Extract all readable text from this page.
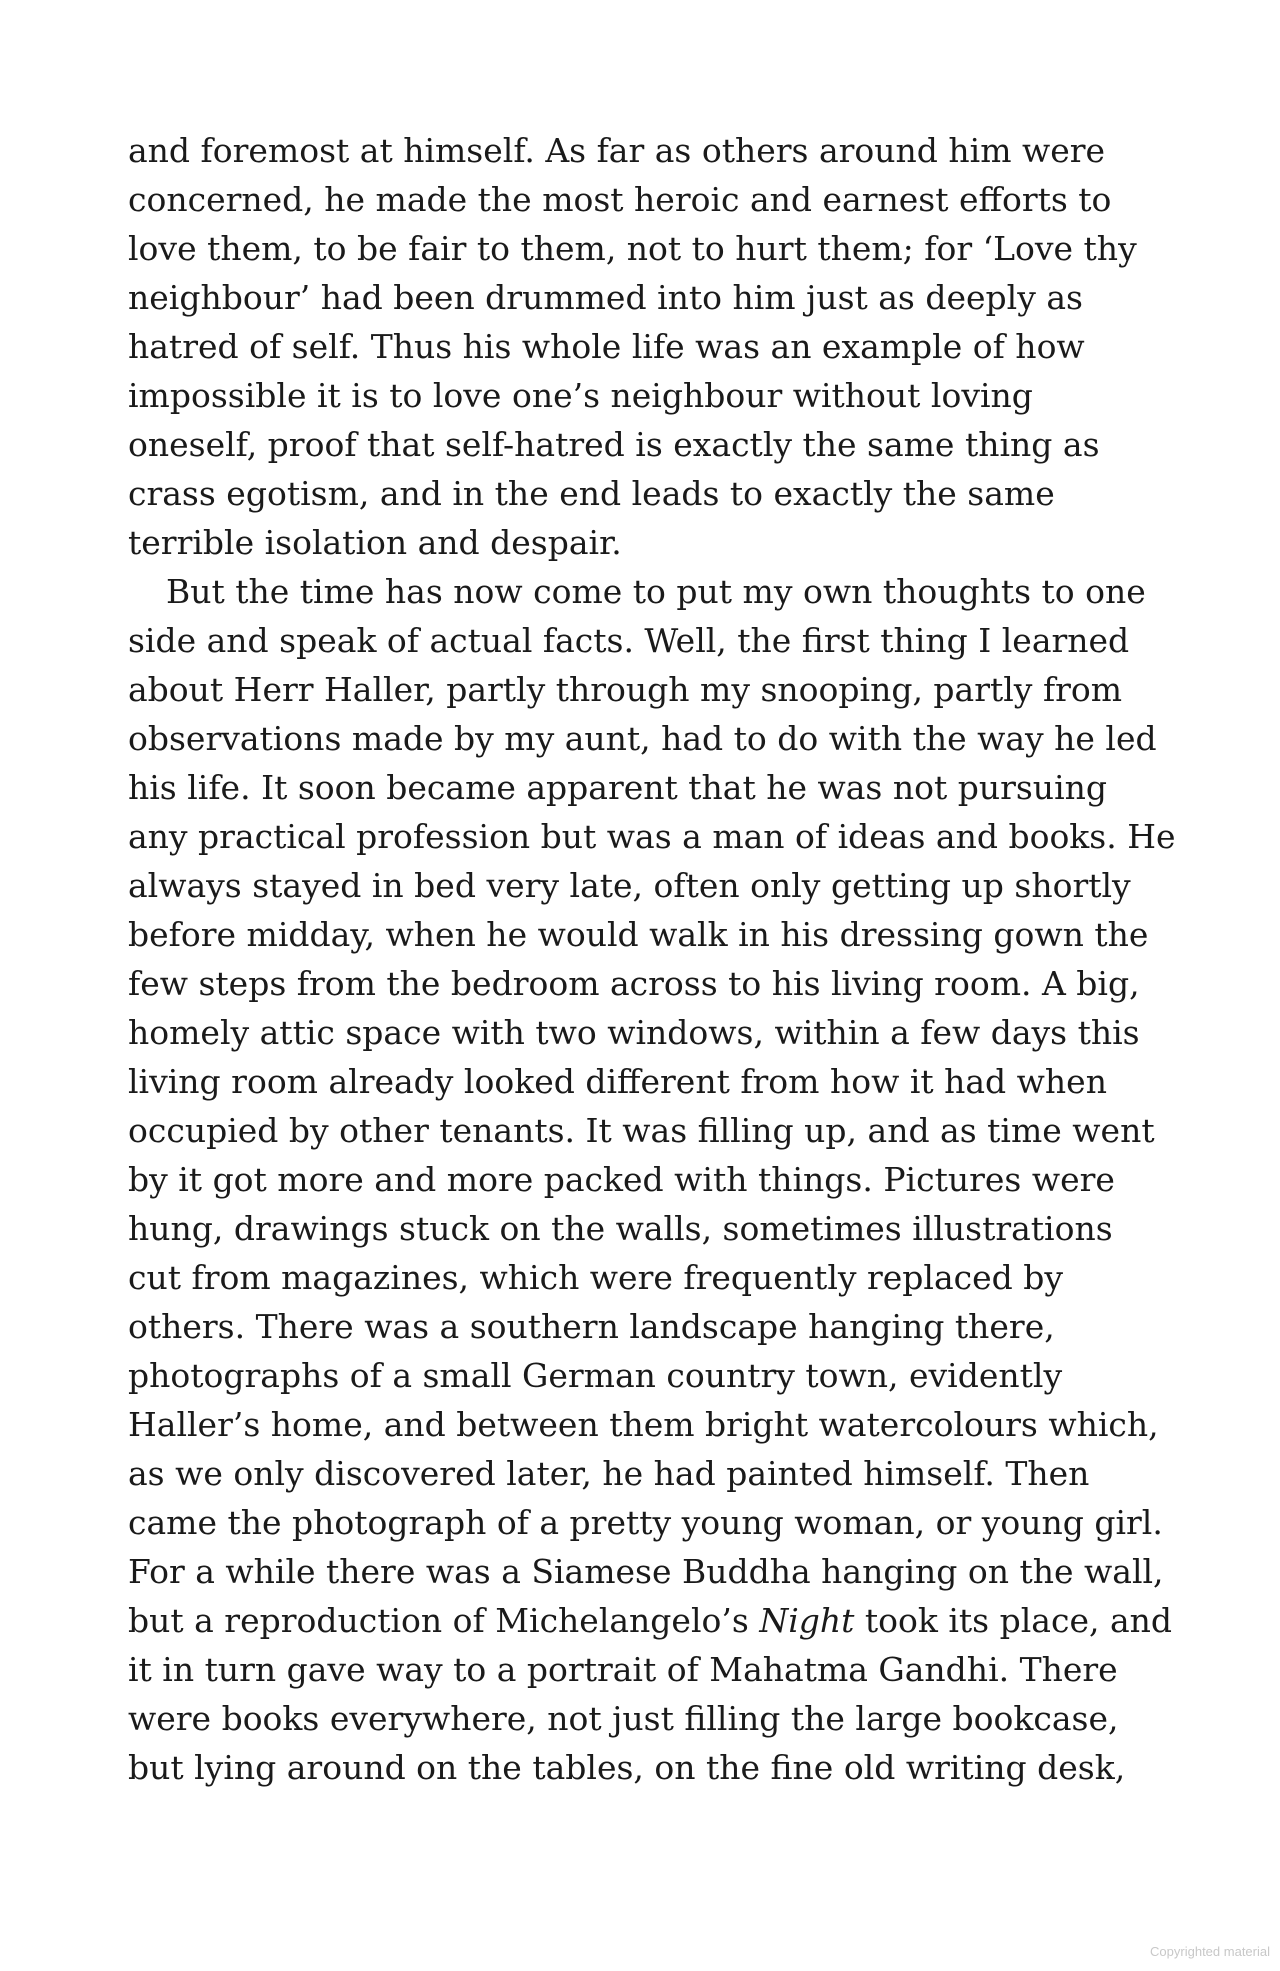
and foremost at himself. As far as others around him were
concerned, he made the most heroic and earnest efforts to
love them, to be fair to them, not to hurt them; for ‘Love thy
neighbour’ had been drummed into him just as deeply as
hatred of self. Thus his whole life was an example of how
impossible it is to love one’s neighbour without loving
oneself, proof that self-hatred is exactly the same thing as
crass egotism, and in the end leads to exactly the same
terrible isolation and despair.
But the time has now come to put my own thoughts to one
side and speak of actual facts. Well, the first thing I learned
about Herr Haller, partly through my snooping, partly from
observations made by my aunt, had to do with the way he led
his life. It soon became apparent that he was not pursuing
any practical profession but was a man of ideas and books. He
always stayed in bed very late, often only getting up shortly
before midday, when he would walk in his dressing gown the
few steps from the bedroom across to his living room. A big,
homely attic space with two windows, within a few days this
living room already looked different from how it had when
occupied by other tenants. It was filling up, and as time went
by it got more and more packed with things. Pictures were
hung, drawings stuck on the walls, sometimes illustrations
cut from magazines, which were frequently replaced by
others. There was a southern landscape hanging there,
photographs of a small German country town, evidently
Haller’s home, and between them bright watercolours which,
as we only discovered later, he had painted himself. Then
came the photograph of a pretty young woman, or young girl.
For a while there was a Siamese Buddha hanging on the wall,
but a reproduction of Michelangelo’s Night took its place, and
it in turn gave way to a portrait of Mahatma Gandhi. There
were books everywhere, not just filling the large bookcase,
but lying around on the tables, on the fine old writing desk,
Copyrighted material
